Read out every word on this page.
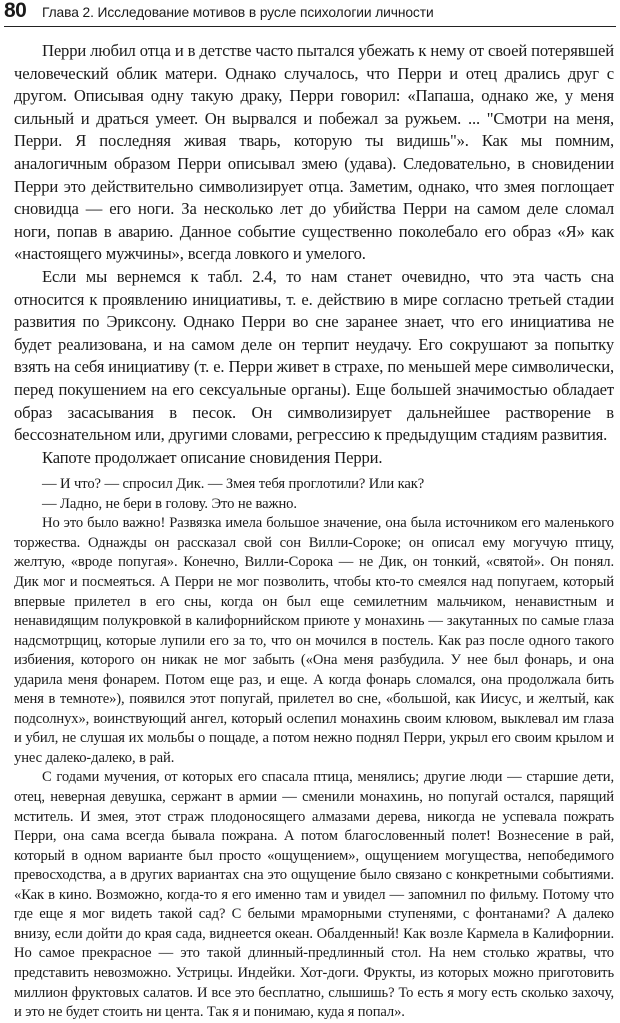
80 Глава 2. Исследование мотивов в русле психологии личности

Перри любил отца и в детстве часто пытался убежать к нему от своей потерявшей человеческий облик матери. Однако случалось, что Перри и отец дрались друг с другом. Описывая одну такую драку, Перри говорил: «Папаша, однако же, у меня сильный и драться умеет. Он вырвался и побежал за ружьем. ... "Смотри на меня, Перри. Я последняя живая тварь, которую ты видишь"». Как мы помним, аналогичным образом Перри описывал змею (удава). Следовательно, в сновидении Перри это действительно символизирует отца. Заметим, однако, что змея поглощает сновидца — его ноги. За несколько лет до убийства Перри на самом деле сломал ноги, попав в аварию. Данное событие существенно поколебало его образ «Я» как «настоящего мужчины», всегда ловкого и умелого.

Если мы вернемся к табл. 2.4, то нам станет очевидно, что эта часть сна относится к проявлению инициативы, т. е. действию в мире согласно третьей стадии развития по Эриксону. Однако Перри во сне заранее знает, что его инициатива не будет реализована, и на самом деле он терпит неудачу. Его сокрушают за попытку взять на себя инициативу (т. е. Перри живет в страхе, по меньшей мере символически, перед покушением на его сексуальные органы). Еще большей значимостью обладает образ засасывания в песок. Он символизирует дальнейшее растворение в бессознательном или, другими словами, регрессию к предыдущим стадиям развития.

Капоте продолжает описание сновидения Перри.

— И что? — спросил Дик. — Змея тебя проглотили? Или как?

— Ладно, не бери в голову. Это не важно.

Но это было важно! Развязка имела большое значение, она была источником его маленького торжества. Однажды он рассказал свой сон Вилли-Сороке; он описал ему могучую птицу, желтую, «вроде попугая». Конечно, Вилли-Сорока — не Дик, он тонкий, «святой». Он понял. Дик мог и посмеяться. А Перри не мог позволить, чтобы кто-то смеялся над попугаем, который впервые прилетел в его сны, когда он был еще семилетним мальчиком, ненавистным и ненавидящим полукровкой в калифорнийском приюте у монахинь — закутанных по самые глаза надсмотрщиц, которые лупили его за то, что он мочился в постель. Как раз после одного такого избиения, которого он никак не мог забыть («Она меня разбудила. У нее был фонарь, и она ударила меня фонарем. Потом еще раз, и еще. А когда фонарь сломался, она продолжала бить меня в темноте»), появился этот попугай, прилетел во сне, «большой, как Иисус, и желтый, как подсолнух», воинствующий ангел, который ослепил монахинь своим клювом, выклевал им глаза и убил, не слушая их мольбы о пощаде, а потом нежно поднял Перри, укрыл его своим крылом и унес далеко-далеко, в рай.

С годами мучения, от которых его спасала птица, менялись; другие люди — старшие дети, отец, неверная девушка, сержант в армии — сменили монахинь, но попугай остался, парящий мститель. И змея, этот страж плодоносящего алмазами дерева, никогда не успевала пожрать Перри, она сама всегда бывала пожрана. А потом благословенный полет! Вознесение в рай, который в одном варианте был просто «ощущением», ощущением могущества, непобедимого превосходства, а в других вариантах сна это ощущение было связано с конкретными событиями. «Как в кино. Возможно, когда-то я его именно там и увидел — запомнил по фильму. Потому что где еще я мог видеть такой сад? С белыми мраморными ступенями, с фонтанами? А далеко внизу, если дойти до края сада, виднеется океан. Обалденный! Как возле Кармела в Калифорнии. Но самое прекрасное — это такой длинный-предлинный стол. На нем столько жратвы, что представить невозможно. Устрицы. Индейки. Хот-доги. Фрукты, из которых можно приготовить миллион фруктовых салатов. И все это бесплатно, слышишь? То есть я могу есть сколько захочу, и это не будет стоить ни цента. Так я и понимаю, куда я попал».
